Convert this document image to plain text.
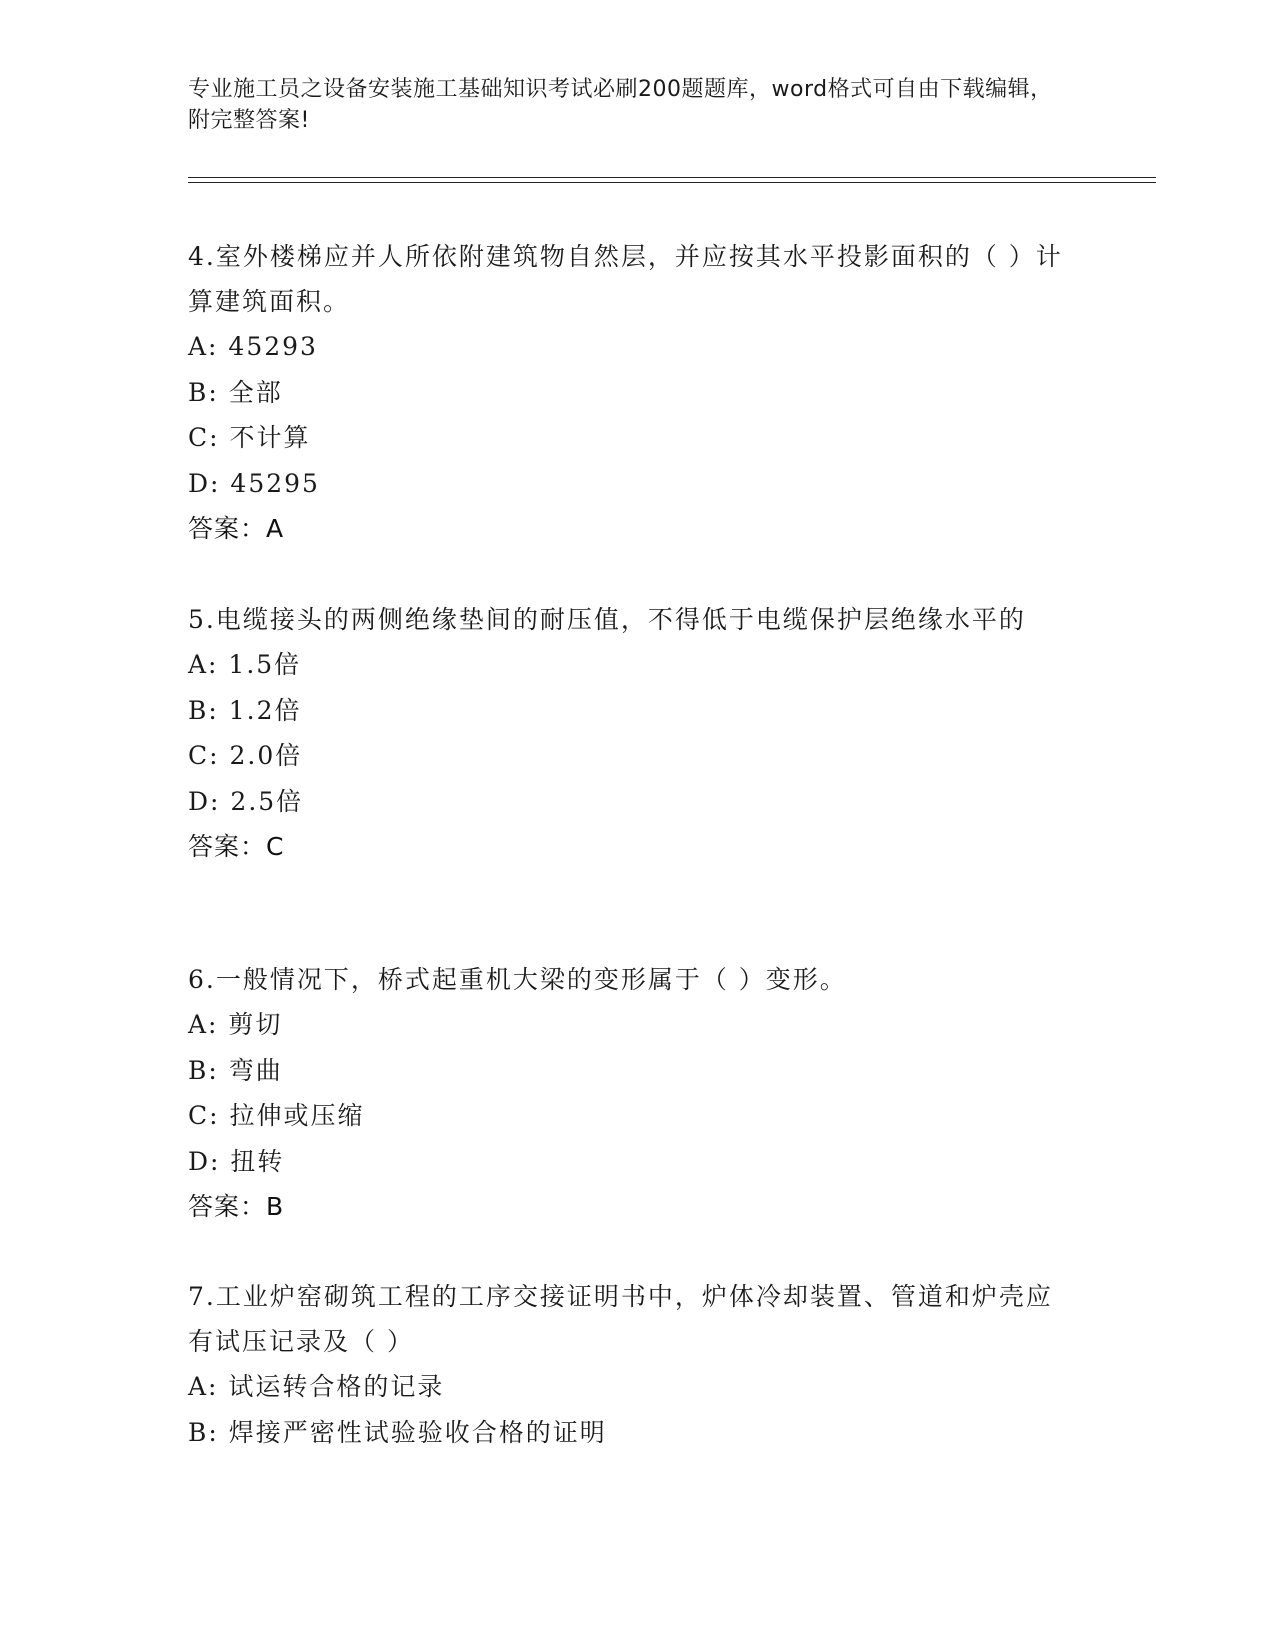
专业施工员之设备安装施工基础知识考试必刷200题题库，word格式可自由下载编辑，附完整答案!
4.室外楼梯应并人所依附建筑物自然层，并应按其水平投影面积的（ ）计算建筑面积。
A: 45293
B: 全部
C: 不计算
D: 45295
答案：A
5.电缆接头的两侧绝缘垫间的耐压值，不得低于电缆保护层绝缘水平的
A: 1.5倍
B: 1.2倍
C: 2.0倍
D: 2.5倍
答案：C
6.一般情况下，桥式起重机大梁的变形属于（ ）变形。
A: 剪切
B: 弯曲
C: 拉伸或压缩
D: 扭转
答案：B
7.工业炉窑砌筑工程的工序交接证明书中，炉体冷却装置、管道和炉壳应有试压记录及（ ）
A: 试运转合格的记录
B: 焊接严密性试验验收合格的证明
